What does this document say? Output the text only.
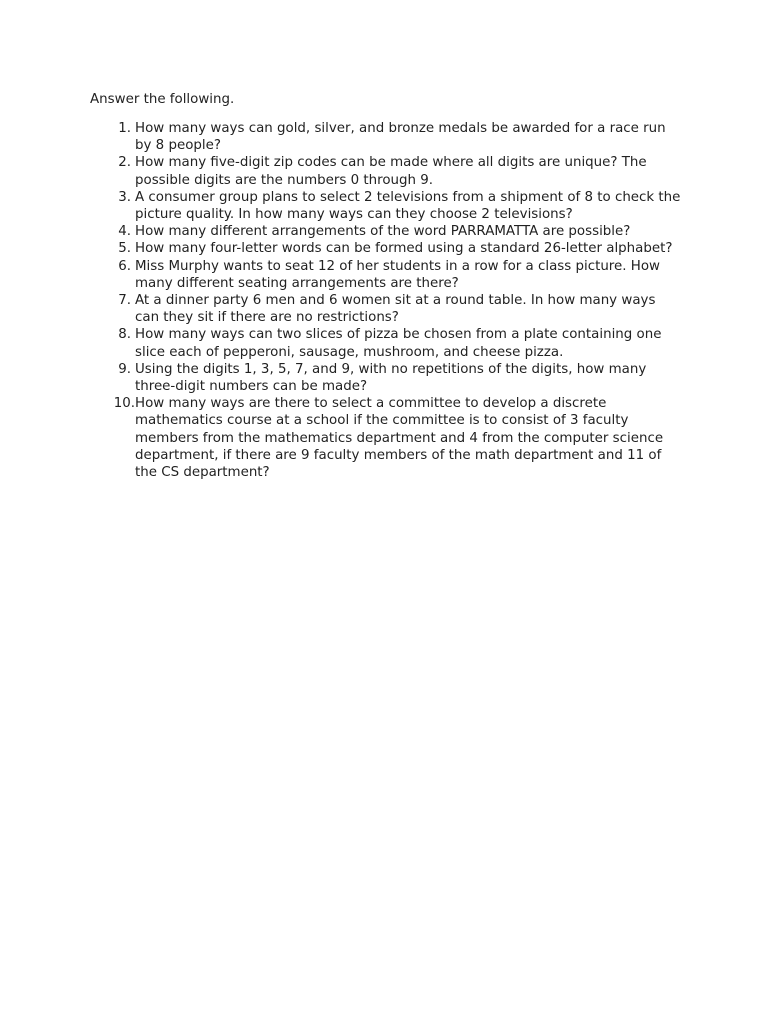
Answer the following.
1. How many ways can gold, silver, and bronze medals be awarded for a race run by 8 people?
2. How many five-digit zip codes can be made where all digits are unique? The possible digits are the numbers 0 through 9.
3. A consumer group plans to select 2 televisions from a shipment of 8 to check the picture quality. In how many ways can they choose 2 televisions?
4. How many different arrangements of the word PARRAMATTA are possible?
5. How many four-letter words can be formed using a standard 26-letter alphabet?
6. Miss Murphy wants to seat 12 of her students in a row for a class picture. How many different seating arrangements are there?
7. At a dinner party 6 men and 6 women sit at a round table. In how many ways can they sit if there are no restrictions?
8. How many ways can two slices of pizza be chosen from a plate containing one slice each of pepperoni, sausage, mushroom, and cheese pizza.
9. Using the digits 1, 3, 5, 7, and 9, with no repetitions of the digits, how many three-digit numbers can be made?
10. How many ways are there to select a committee to develop a discrete mathematics course at a school if the committee is to consist of 3 faculty members from the mathematics department and 4 from the computer science department, if there are 9 faculty members of the math department and 11 of the CS department?
